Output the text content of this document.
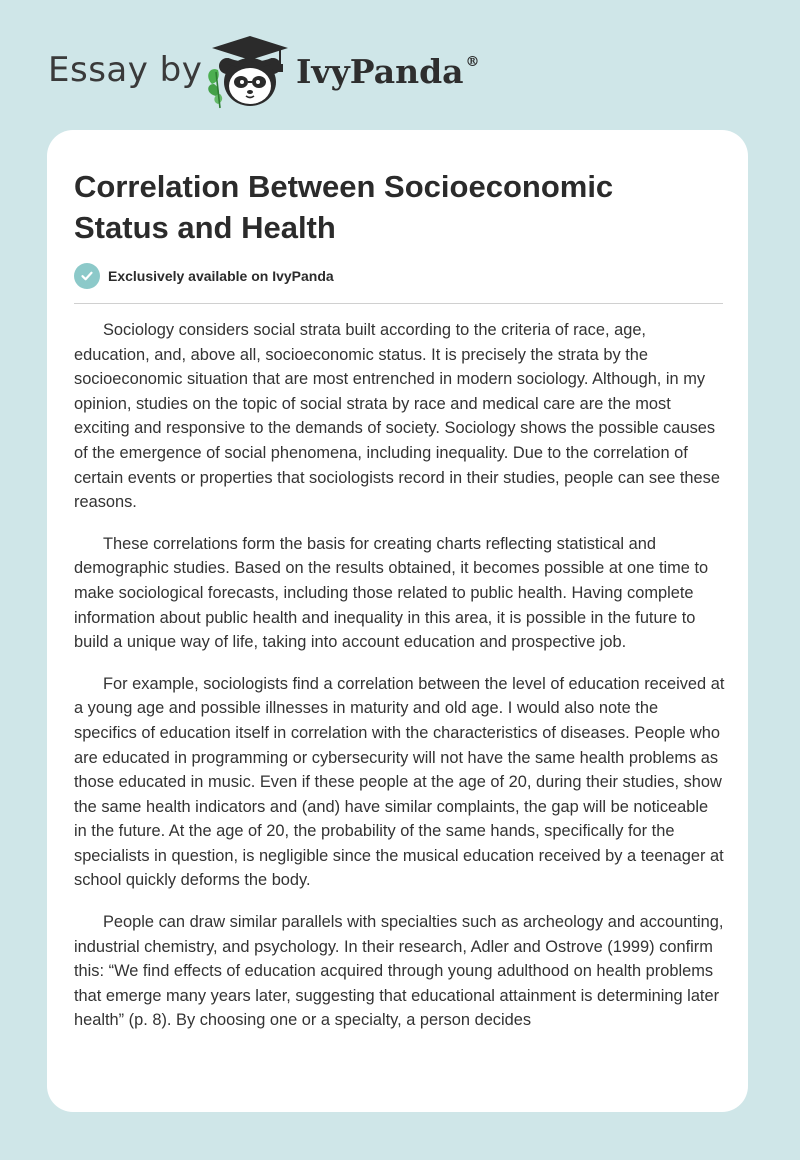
Essay by	IvyPanda ®
Correlation Between Socioeconomic Status and Health
Exclusively available on IvyPanda

Sociology considers social strata built according to the criteria of race, age, education, and, above all, socioeconomic status. It is precisely the strata by the socioeconomic situation that are most entrenched in modern sociology. Although, in my opinion, studies on the topic of social strata by race and medical care are the most exciting and responsive to the demands of society. Sociology shows the possible causes of the emergence of social phenomena, including inequality. Due to the correlation of certain events or properties that sociologists record in their studies, people can see these reasons.

These correlations form the basis for creating charts reflecting statistical and demographic studies. Based on the results obtained, it becomes possible at one time to make sociological forecasts, including those related to public health. Having complete information about public health and inequality in this area, it is possible in the future to build a unique way of life, taking into account education and prospective job.

For example, sociologists find a correlation between the level of education received at a young age and possible illnesses in maturity and old age. I would also note the specifics of education itself in correlation with the characteristics of diseases. People who are educated in programming or cybersecurity will not have the same health problems as those educated in music. Even if these people at the age of 20, during their studies, show the same health indicators and (and) have similar complaints, the gap will be noticeable in the future. At the age of 20, the probability of the same hands, specifically for the specialists in question, is negligible since the musical education received by a teenager at school quickly deforms the body.

People can draw similar parallels with specialties such as archeology and accounting, industrial chemistry, and psychology. In their research, Adler and Ostrove (1999) confirm this: “We find effects of education acquired through young adulthood on health problems that emerge many years later, suggesting that educational attainment is determining later health” (p. 8). By choosing one or a specialty, a person decides
